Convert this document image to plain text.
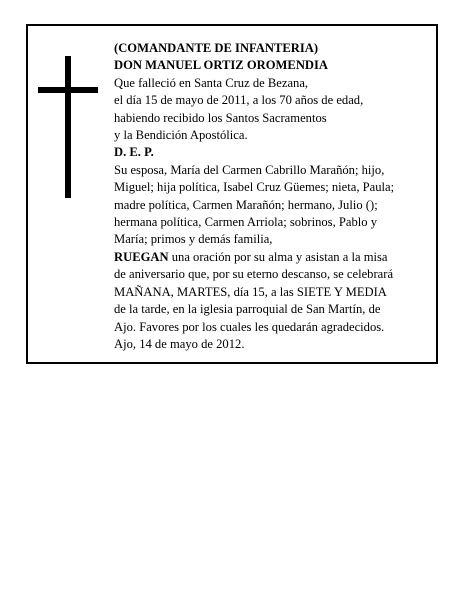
(COMANDANTE DE INFANTERIA)
DON MANUEL ORTIZ OROMENDIA
Que falleció en Santa Cruz de Bezana,
el día 15 de mayo de 2011, a los 70 años de edad,
habiendo recibido los Santos Sacramentos
y la Bendición Apostólica.
D. E. P.
Su esposa, María del Carmen Cabrillo Marañón; hijo,
Miguel; hija política, Isabel Cruz Güemes; nieta, Paula;
madre política, Carmen Marañón; hermano, Julio ();
hermana política, Carmen Arriola; sobrinos, Pablo y
María; primos y demás familia,
RUEGAN una oración por su alma y asistan a la misa
de aniversario que, por su eterno descanso, se celebrará
MAÑANA, MARTES, día 15, a las SIETE Y MEDIA
de la tarde, en la iglesia parroquial de San Martín, de
Ajo. Favores por los cuales les quedarán agradecidos.
Ajo, 14 de mayo de 2012.
